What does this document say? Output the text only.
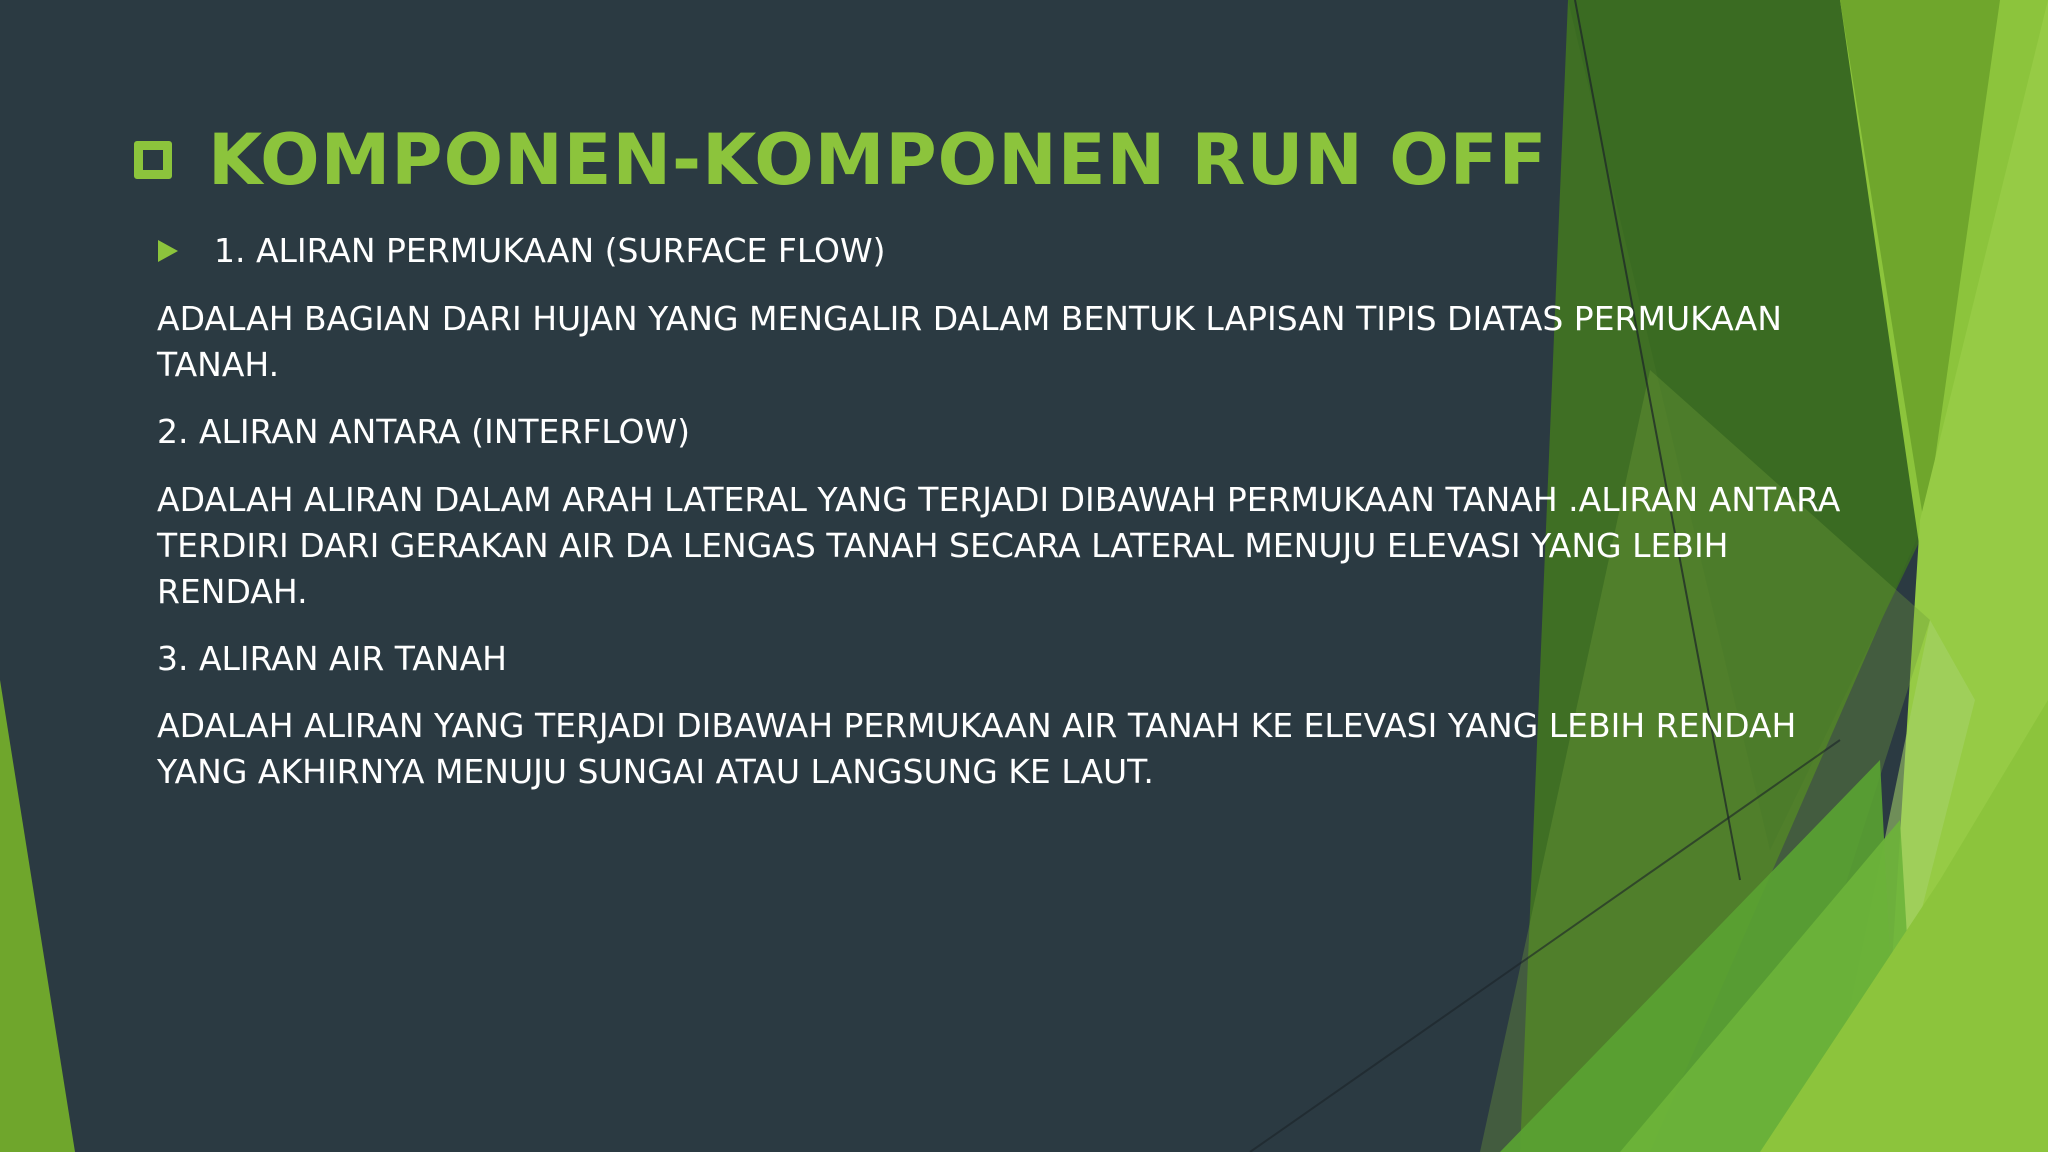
KOMPONEN-KOMPONEN RUN OFF
1. ALIRAN PERMUKAAN (SURFACE FLOW)
ADALAH BAGIAN DARI HUJAN YANG MENGALIR DALAM BENTUK LAPISAN TIPIS DIATAS PERMUKAAN
TANAH.
2. ALIRAN ANTARA (INTERFLOW)
ADALAH ALIRAN DALAM ARAH LATERAL YANG TERJADI DIBAWAH PERMUKAAN TANAH .ALIRAN ANTARA
TERDIRI DARI GERAKAN AIR DA LENGAS TANAH SECARA LATERAL MENUJU ELEVASI YANG LEBIH
RENDAH.
3. ALIRAN AIR TANAH
ADALAH ALIRAN YANG TERJADI DIBAWAH PERMUKAAN AIR TANAH KE ELEVASI YANG LEBIH RENDAH
YANG AKHIRNYA MENUJU SUNGAI ATAU LANGSUNG KE LAUT.
